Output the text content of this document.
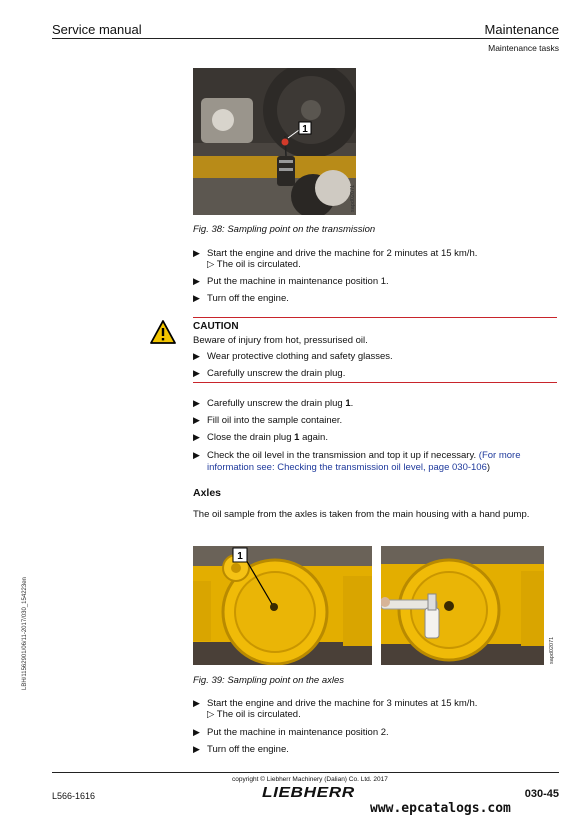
Service manual	Maintenance
Maintenance tasks
1
sapd02071
Fig. 38: Sampling point on the transmission
▶ Start the engine and drive the machine for 2 minutes at 15 km/h.
▷ The oil is circulated.
▶ Put the machine in maintenance position 1.
▶ Turn off the engine.
CAUTION
Beware of injury from hot, pressurised oil.
▶ Wear protective clothing and safety glasses.
▶ Carefully unscrew the drain plug.
▶ Carefully unscrew the drain plug 1.
▶ Fill oil into the sample container.
▶ Close the drain plug 1 again.
▶ Check the oil level in the transmission and top it up if necessary. (For more
information see: Checking the transmission oil level, page 030-106)
Axles
The oil sample from the axles is taken from the main housing with a hand pump.
1
sapd02071
Fig. 39: Sampling point on the axles
▶ Start the engine and drive the machine for 3 minutes at 15 km/h.
▷ The oil is circulated.
▶ Put the machine in maintenance position 2.
▶ Turn off the engine.
LBH/11562901/06/11-2017/030_154223en
copyright © Liebherr Machinery (Dalian) Co. Ltd. 2017
L566-1616	LIEBHERR	030-45
www.epcatalogs.com
